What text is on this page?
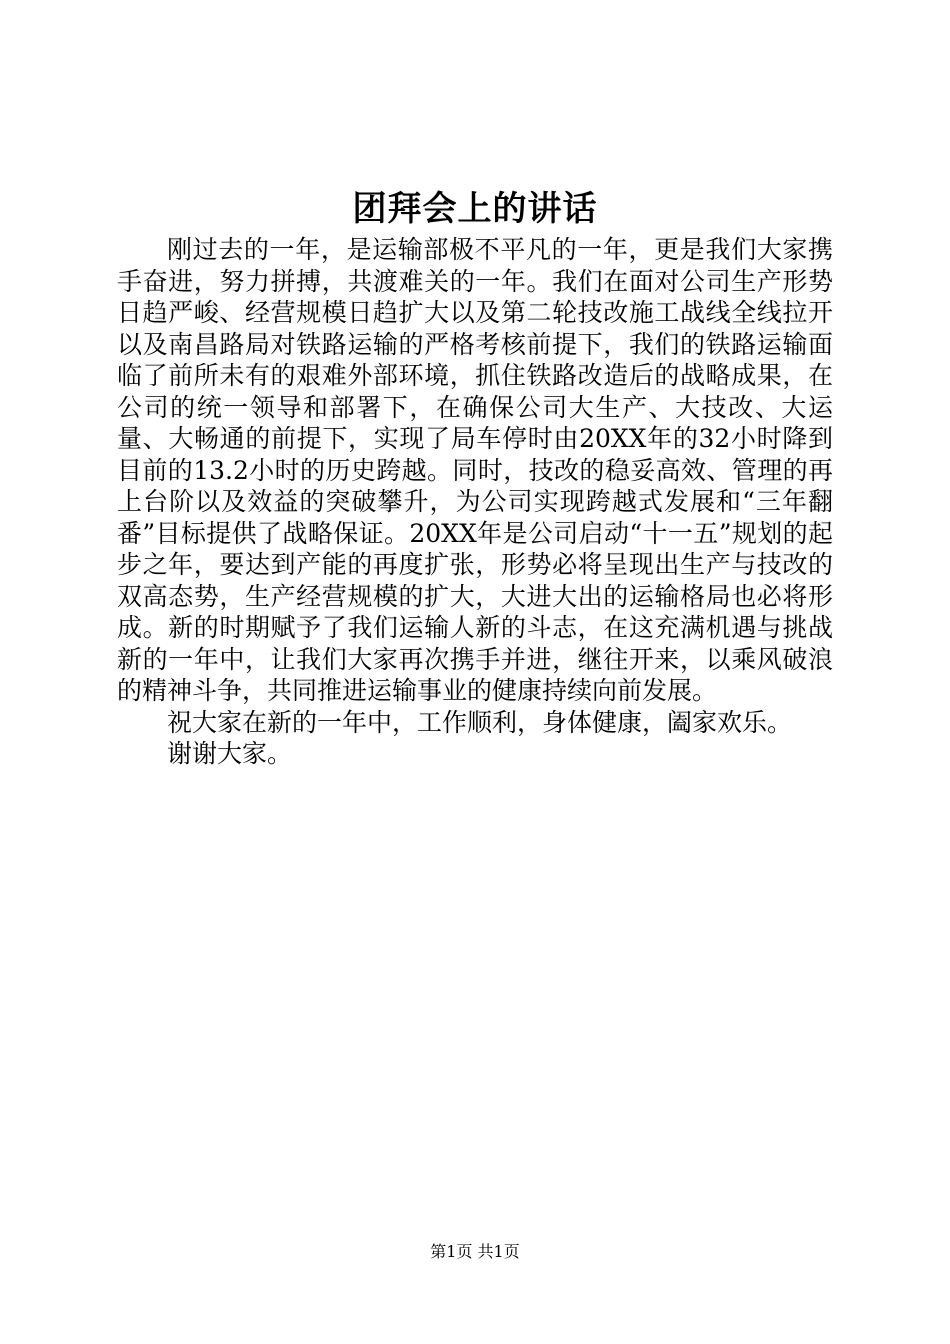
团拜会上的讲话

刚过去的一年，是运输部极不平凡的一年，更是我们大家携手奋进，努力拼搏，共渡难关的一年。我们在面对公司生产形势日趋严峻、经营规模日趋扩大以及第二轮技改施工战线全线拉开以及南昌路局对铁路运输的严格考核前提下，我们的铁路运输面临了前所未有的艰难外部环境，抓住铁路改造后的战略成果，在公司的统一领导和部署下，在确保公司大生产、大技改、大运量、大畅通的前提下，实现了局车停时由20XX年的32小时降到目前的13.2小时的历史跨越。同时，技改的稳妥高效、管理的再上台阶以及效益的突破攀升，为公司实现跨越式发展和“三年翻番”目标提供了战略保证。20XX年是公司启动“十一五”规划的起步之年，要达到产能的再度扩张，形势必将呈现出生产与技改的双高态势，生产经营规模的扩大，大进大出的运输格局也必将形成。新的时期赋予了我们运输人新的斗志，在这充满机遇与挑战新的一年中，让我们大家再次携手并进，继往开来，以乘风破浪的精神斗争，共同推进运输事业的健康持续向前发展。

祝大家在新的一年中，工作顺利，身体健康，阖家欢乐。

谢谢大家。

第1页 共1页
